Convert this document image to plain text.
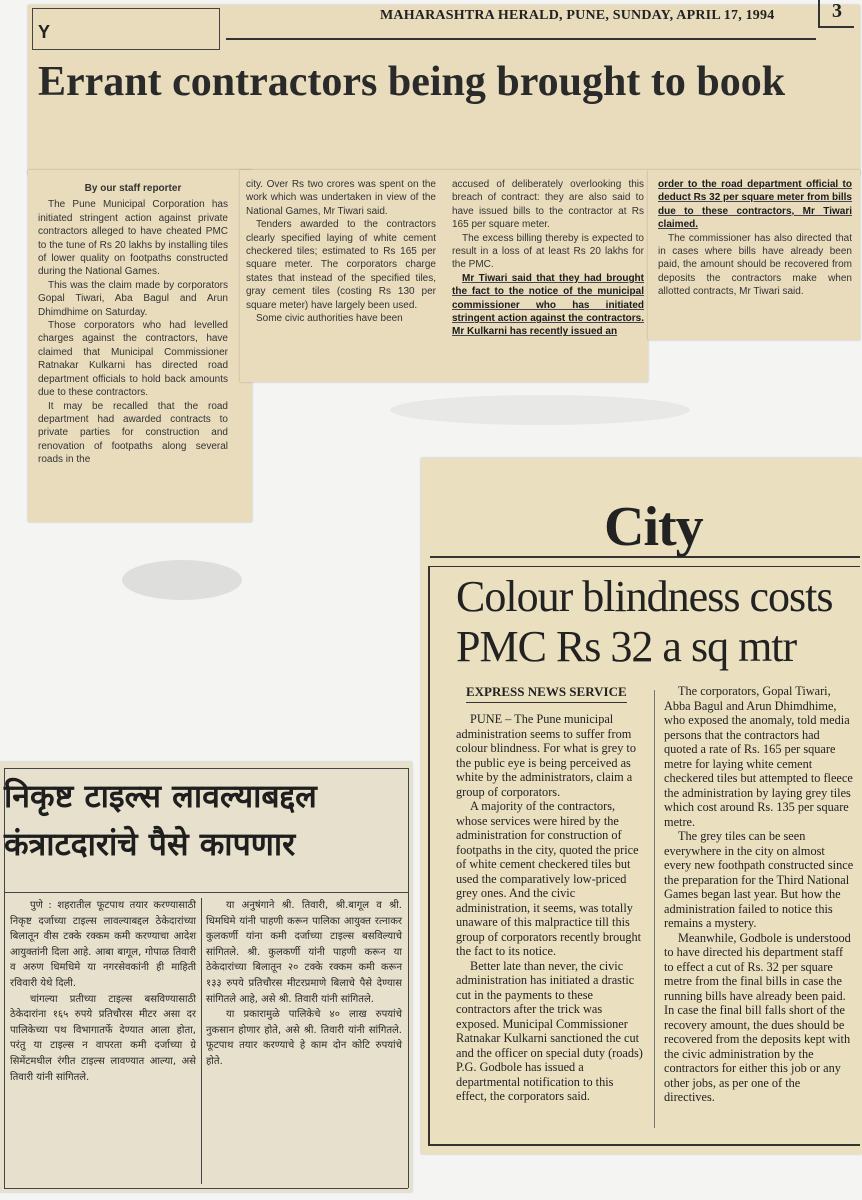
Y
MAHARASHTRA HERALD, PUNE, SUNDAY, APRIL 17, 1994	3
Errant contractors being brought to book
By our staff reporter

The Pune Municipal Corporation has initiated stringent action against private contractors alleged to have cheated PMC to the tune of Rs 20 lakhs by installing tiles of lower quality on footpaths constructed during the National Games.

This was the claim made by corporators Gopal Tiwari, Aba Bagul and Arun Dhimdhime on Saturday.

Those corporators who had levelled charges against the contractors, have claimed that Municipal Commissioner Ratnakar Kulkarni has directed road department officials to hold back amounts due to these contractors.

It may be recalled that the road department had awarded contracts to private parties for construction and renovation of footpaths along several roads in the

city. Over Rs two crores was spent on the work which was undertaken in view of the National Games, Mr Tiwari said.

Tenders awarded to the contractors clearly specified laying of white cement checkered tiles; estimated to Rs 165 per square meter. The corporators charge states that instead of the specified tiles, gray cement tiles (costing Rs 130 per square meter) have largely been used.

Some civic authorities have been

accused of deliberately overlooking this breach of contract: they are also said to have issued bills to the contractor at Rs 165 per square meter.

The excess billing thereby is expected to result in a loss of at least Rs 20 lakhs for the PMC.

Mr Tiwari said that they had brought the fact to the notice of the municipal commissioner who has initiated stringent action against the contractors. Mr Kulkarni has recently issued an

order to the road department official to deduct Rs 32 per square meter from bills due to these contractors, Mr Tiwari claimed.

The commissioner has also directed that in cases where bills have already been paid, the amount should be recovered from deposits the contractors make when allotted contracts, Mr Tiwari said.

City
Colour blindness costs PMC Rs 32 a sq mtr
EXPRESS NEWS SERVICE

PUNE – The Pune municipal administration seems to suffer from colour blindness. For what is grey to the public eye is being perceived as white by the administrators, claim a group of corporators.

A majority of the contractors, whose services were hired by the administration for construction of footpaths in the city, quoted the price of white cement checkered tiles but used the comparatively low-priced grey ones. And the civic administration, it seems, was totally unaware of this malpractice till this group of corporators recently brought the fact to its notice.

Better late than never, the civic administration has initiated a drastic cut in the payments to these contractors after the trick was exposed. Municipal Commissioner Ratnakar Kulkarni sanctioned the cut and the officer on special duty (roads) P.G. Godbole has issued a departmental notification to this effect, the corporators said.

The corporators, Gopal Tiwari, Abba Bagul and Arun Dhimdhime, who exposed the anomaly, told media persons that the contractors had quoted a rate of Rs. 165 per square metre for laying white cement checkered tiles but attempted to fleece the administration by laying grey tiles which cost around Rs. 135 per square metre.

The grey tiles can be seen everywhere in the city on almost every new foothpath constructed since the preparation for the Third National Games began last year. But how the administration failed to notice this remains a mystery.

Meanwhile, Godbole is understood to have directed his department staff to effect a cut of Rs. 32 per square metre from the final bills in case the running bills have already been paid. In case the final bill falls short of the recovery amount, the dues should be recovered from the deposits kept with the civic administration by the contractors for either this job or any other jobs, as per one of the directives.

निकृष्ट टाइल्स लावल्याबद्दल
कंत्राटदारांचे पैसे कापणार

पुणे : शहरातील फूटपाथ तयार करण्यासाठी निकृष्ट दर्जाच्या टाइल्स लावल्याबद्दल ठेकेदारांच्या बिलातून वीस टक्के रक्कम कमी करण्याचा आदेश आयुक्तांनी दिला आहे. आबा बागूल, गोपाळ तिवारी व अरुण धिमधिमे या नगरसेवकांनी ही माहिती रविवारी येथे दिली.

चांगल्या प्रतीच्या टाइल्स बसविण्यासाठी ठेकेदारांना १६५ रुपये प्रतिचौरस मीटर असा दर पालिकेच्या पथ विभागातर्फे देण्यात आला होता, परंतु या टाइल्स न वापरता कमी दर्जाच्या ग्रे सिमेंटमधील रंगीत टाइल्स लावण्यात आल्या, असे तिवारी यांनी सांगितले.

या अनुषंगाने श्री. तिवारी, श्री.बागूल व श्री. धिमधिमे यांनी पाहणी करून पालिका आयुक्त रत्नाकर कुलकर्णी यांना कमी दर्जाच्या टाइल्स बसविल्याचे सांगितले. श्री. कुलकर्णी यांनी पाहणी करून या ठेकेदारांच्या बिलातून २० टक्के रक्कम कमी करून १३३ रुपये प्रतिचौरस मीटरप्रमाणे बिलाचे पैसे देण्यास सांगितले आहे, असे श्री. तिवारी यांनी सांगितले.

या प्रकारामुळे पालिकेचे ४० लाख रुपयांचे नुकसान होणार होते, असे श्री. तिवारी यांनी सांगितले. फूटपाथ तयार करण्याचे हे काम दोन कोटि रुपयांचे होते.
